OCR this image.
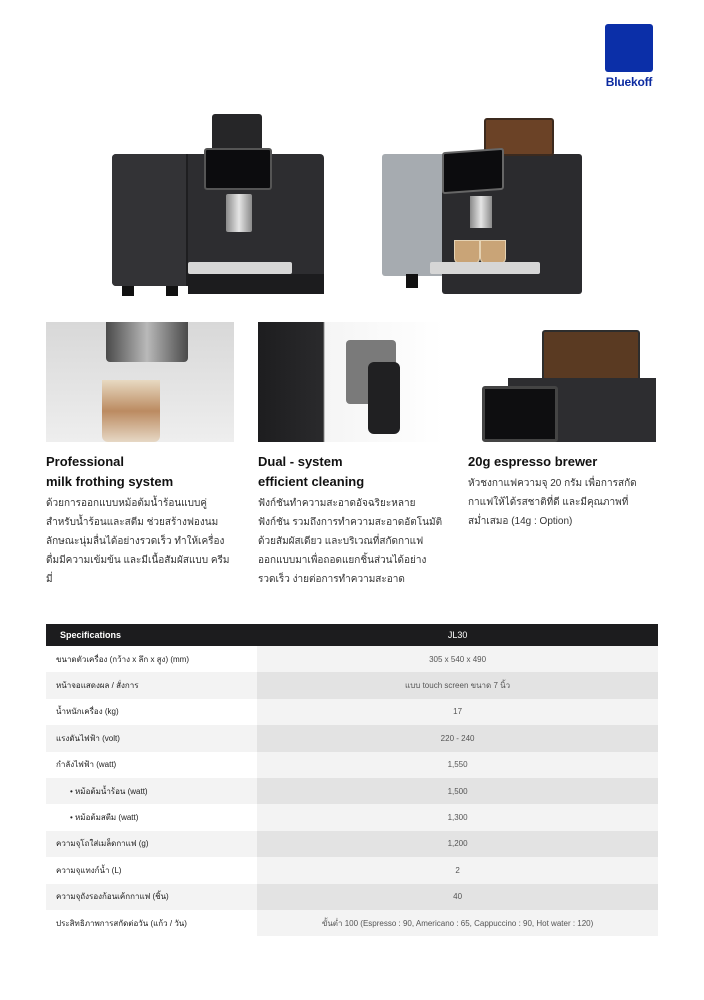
Bluekoff
Professional
milk frothing system
ด้วยการออกแบบหม้อต้มน้ำร้อนแบบคู่ สำหรับน้ำร้อนและสตีม ช่วยสร้างฟองนม ลักษณะนุ่มลื่นได้อย่างรวดเร็ว ทำให้เครื่อง ดื่มมีความเข้มข้น และมีเนื้อสัมผัสแบบ ครีมมี่
Dual - system
efficient cleaning
ฟังก์ชันทำความสะอาดอัจฉริยะหลาย ฟังก์ชัน รวมถึงการทำความสะอาดอัตโนมัติ ด้วยสัมผัสเดียว และบริเวณที่สกัดกาแฟ ออกแบบมาเพื่อถอดแยกชิ้นส่วนได้อย่าง รวดเร็ว ง่ายต่อการทำความสะอาด
20g espresso brewer
หัวชงกาแฟความจุ 20 กรัม เพื่อการสกัด กาแฟให้ได้รสชาติที่ดี และมีคุณภาพที่ สม่ำเสมอ (14g : Option)
Specifications	JL30
ขนาดตัวเครื่อง (กว้าง x ลึก x สูง) (mm)	305 x 540 x 490
หน้าจอแสดงผล / สั่งการ	แบบ touch screen ขนาด 7 นิ้ว
น้ำหนักเครื่อง (kg)	17
แรงดันไฟฟ้า (volt)	220 - 240
กำลังไฟฟ้า (watt)	1,550
• หม้อต้มน้ำร้อน (watt)	1,500
• หม้อต้มสตีม (watt)	1,300
ความจุโถใส่เมล็ดกาแฟ (g)	1,200
ความจุแทงก์น้ำ (L)	2
ความจุถังรองก้อนเค้กกาแฟ (ชิ้น)	40
ประสิทธิภาพการสกัดต่อวัน (แก้ว / วัน)	ขั้นต่ำ 100 (Espresso : 90, Americano : 65, Cappuccino : 90, Hot water : 120)
